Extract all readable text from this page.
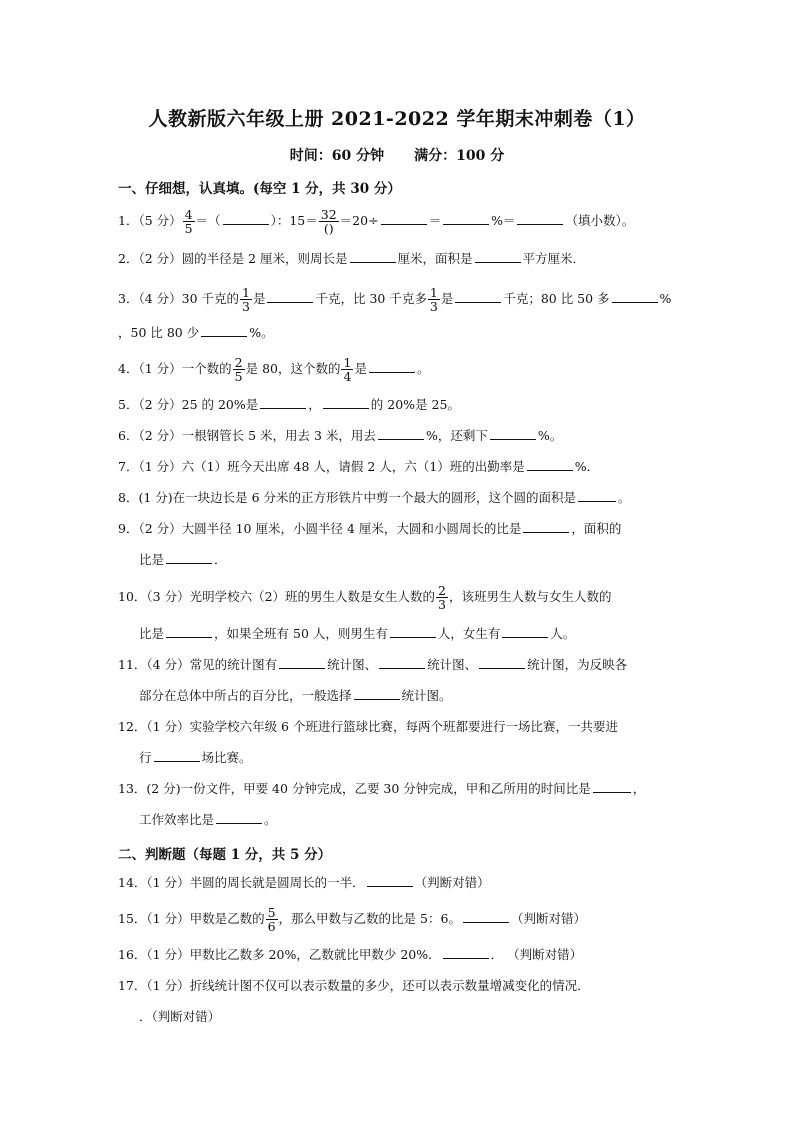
人教新版六年级上册 2021-2022 学年期末冲刺卷（1）
时间：60 分钟 满分：100 分
一、仔细想，认真填。(每空 1 分，共 30 分）
1．（5 分） $\frac{4}{5}$ ＝（	）：$15= \frac{32}{()} =20\div$	＝	%＝	（填小数）。
2．（2 分）圆的半径是 2 厘米，则周长是	厘米，面积是	平方厘米．
3．（4 分）30 千克的 $\frac{1}{3}$ 是	千克，比 30 千克多 $\frac{1}{3}$ 是	千克；80 比 50 多	%
，50 比 80 少	%。
4．（1 分）一个数的 $\frac{2}{5}$ 是 80，这个数的 $\frac{1}{4}$ 是	。
5．（2 分）25 的 20%是	，	的 20%是 25。
6．（2 分）一根钢管长 5 米，用去 3 米，用去	%，还剩下	%。
7．（1 分）六（1）班今天出席 48 人，请假 2 人，六（1）班的出勤率是	%．
8．(1 分)在一块边长是 6 分米的正方形铁片中剪一个最大的圆形，这个圆的面积是	。
9．（2 分）大圆半径 10 厘米，小圆半径 4 厘米，大圆和小圆周长的比是	，面积的
比是	．
10．（3 分）光明学校六（2）班的男生人数是女生人数的 $\frac{2}{3}$ ，该班男生人数与女生人数的
比是	，如果全班有 50 人，则男生有	人，女生有	人。
11．（4 分）常见的统计图有	统计图、	统计图、	统计图，为反映各
部分在总体中所占的百分比，一般选择	统计图。
12．（1 分）实验学校六年级 6 个班进行篮球比赛，每两个班都要进行一场比赛，一共要进
行	场比赛。
13．(2 分)一份文件，甲要 40 分钟完成，乙要 30 分钟完成，甲和乙所用的时间比是	，
工作效率比是	。
二、判断题（每题 1 分，共 5 分）
14．（1 分）半圆的周长就是圆周长的一半．	（判断对错）
15．（1 分）甲数是乙数的 $\frac{5}{6}$ ，那么甲数与乙数的比是 5：6。	（判断对错）
16．（1 分）甲数比乙数多 20%，乙数就比甲数少 20%．	． （判断对错）
17．（1 分）折线统计图不仅可以表示数量的多少，还可以表示数量增减变化的情况．
．（判断对错）
